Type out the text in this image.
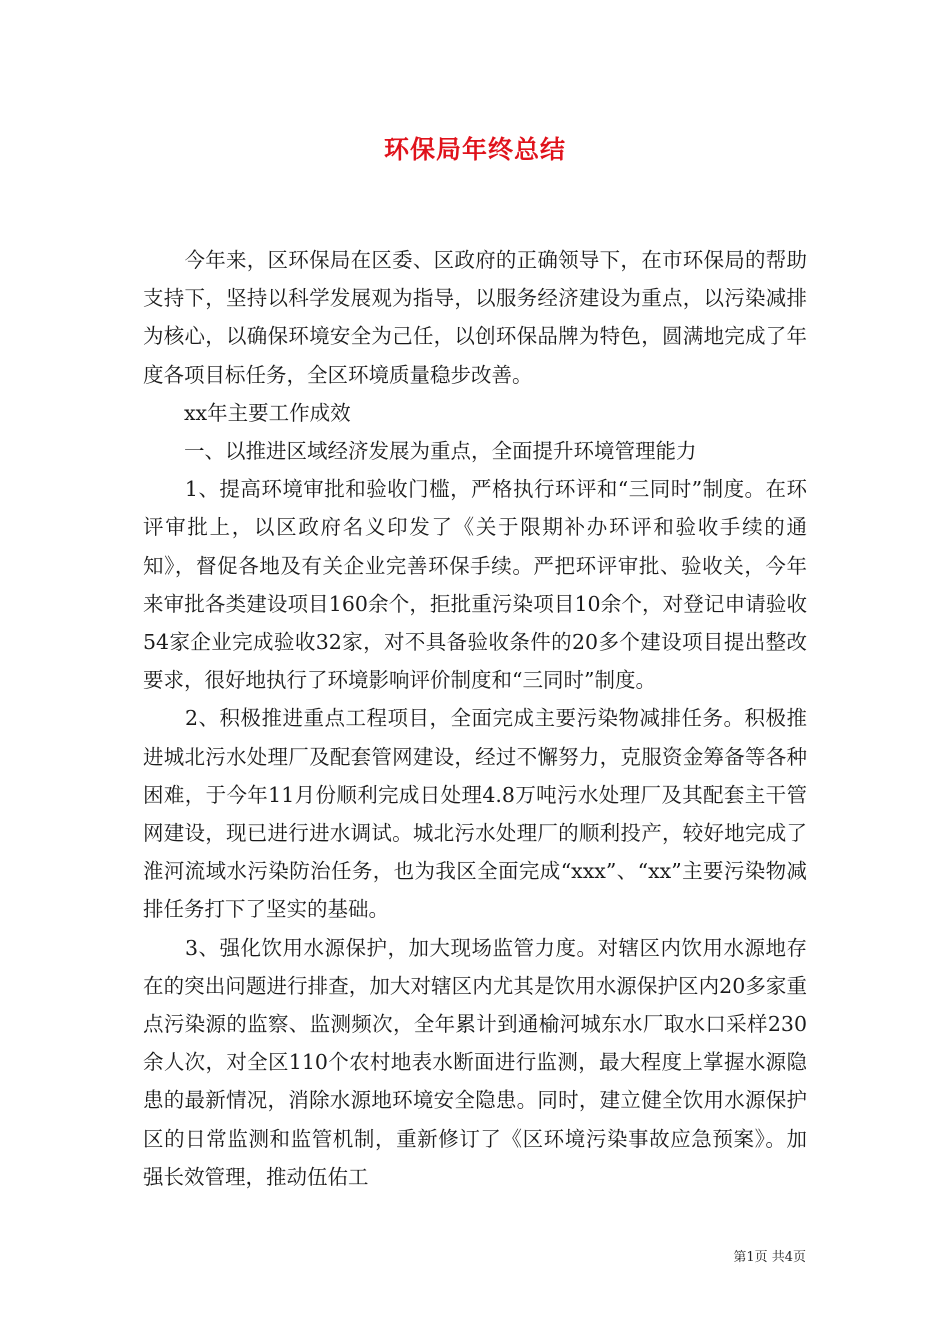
环保局年终总结

　　今年来，区环保局在区委、区政府的正确领导下，在市环保局的帮助支持下，坚持以科学发展观为指导，以服务经济建设为重点，以污染减排为核心，以确保环境安全为己任，以创环保品牌为特色，圆满地完成了年度各项目标任务，全区环境质量稳步改善。

　　xx年主要工作成效

　　一、以推进区域经济发展为重点，全面提升环境管理能力

　　1、提高环境审批和验收门槛，严格执行环评和“三同时”制度。在环评审批上，以区政府名义印发了《关于限期补办环评和验收手续的通知》，督促各地及有关企业完善环保手续。严把环评审批、验收关，今年来审批各类建设项目160余个，拒批重污染项目10余个，对登记申请验收54家企业完成验收32家，对不具备验收条件的20多个建设项目提出整改要求，很好地执行了环境影响评价制度和“三同时”制度。

　　2、积极推进重点工程项目，全面完成主要污染物减排任务。积极推进城北污水处理厂及配套管网建设，经过不懈努力，克服资金筹备等各种困难，于今年11月份顺利完成日处理4.8万吨污水处理厂及其配套主干管网建设，现已进行进水调试。城北污水处理厂的顺利投产，较好地完成了淮河流域水污染防治任务，也为我区全面完成“xxx”、“xx”主要污染物减排任务打下了坚实的基础。

　　3、强化饮用水源保护，加大现场监管力度。对辖区内饮用水源地存在的突出问题进行排查，加大对辖区内尤其是饮用水源保护区内20多家重点污染源的监察、监测频次，全年累计到通榆河城东水厂取水口采样230余人次，对全区110个农村地表水断面进行监测，最大程度上掌握水源隐患的最新情况，消除水源地环境安全隐患。同时，建立健全饮用水源保护区的日常监测和监管机制，重新修订了《区环境污染事故应急预案》。加强长效管理，推动伍佑工

第1页 共4页
